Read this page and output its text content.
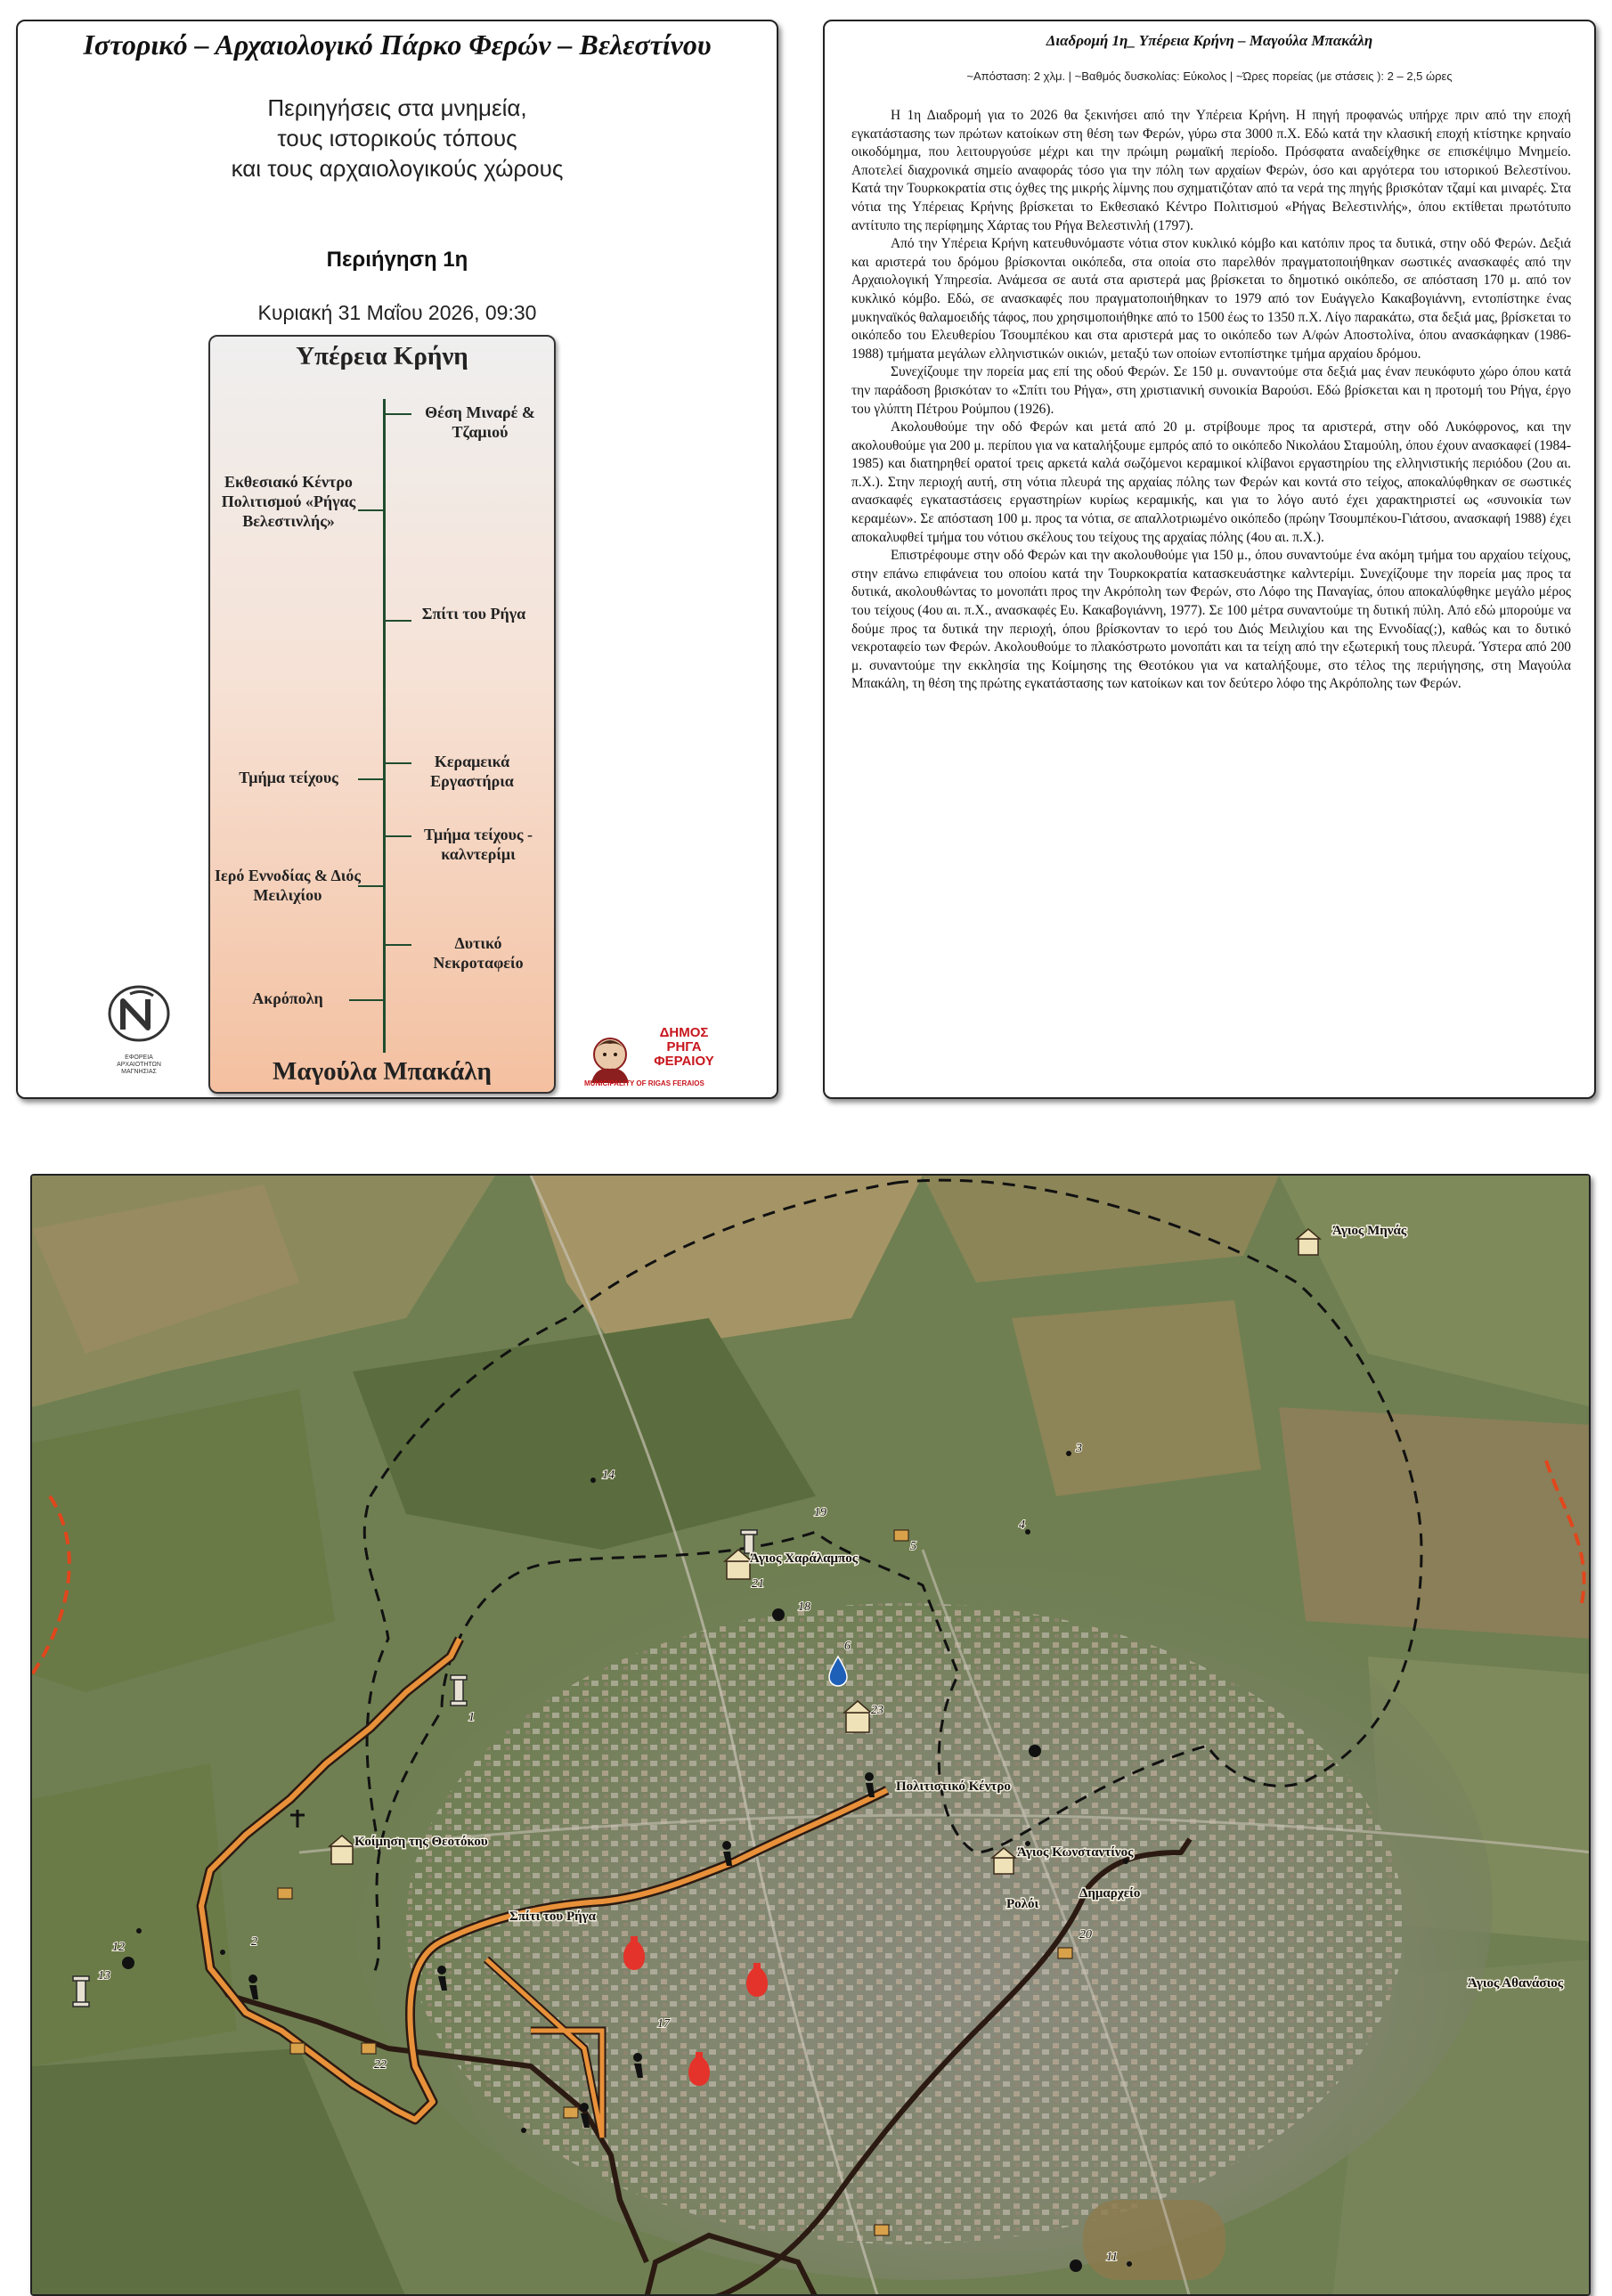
Ιστορικό – Αρχαιολογικό Πάρκο Φερών – Βελεστίνου
Περιηγήσεις στα μνημεία,
τους ιστορικούς τόπους
και τους αρχαιολογικούς χώρους
Περιήγηση 1η
Κυριακή 31 Μαΐου 2026, 09:30
Υπέρεια Κρήνη
Μαγούλα Μπακάλη
Θέση Μιναρέ & Τζαμιού
Σπίτι του Ρήγα
Κεραμεικά Εργαστήρια
Τμήμα τείχους - καλντερίμι
Δυτικό Νεκροταφείο
Εκθεσιακό Κέντρο Πολιτισμού «Ρήγας Βελεστινλής»
Τμήμα τείχους
Ιερό Εννοδίας & Διός Μειλιχίου
Ακρόπολη
ΕΦΟΡΕΙΑ ΑΡΧΑΙΟΤΗΤΩΝ ΜΑΓΝΗΣΙΑΣ
ΔΗΜΟΣ
ΡΗΓΑ
ΦΕΡΑΙΟΥ
MUNICIPALITY OF RIGAS FERAIOS
Διαδρομή 1η_ Υπέρεια Κρήνη – Μαγούλα Μπακάλη
~Απόσταση: 2 χλμ. | ~Βαθμός δυσκολίας: Εύκολος | ~Ώρες πορείας (με στάσεις ): 2 – 2,5 ώρες

Η 1η Διαδρομή για το 2026 θα ξεκινήσει από την Υπέρεια Κρήνη. Η πηγή προφανώς υπήρχε πριν από την εποχή εγκατάστασης των πρώτων κατοίκων στη θέση των Φερών, γύρω στα 3000 π.Χ. Εδώ κατά την κλασική εποχή κτίστηκε κρηναίο οικοδόμημα, που λειτουργούσε μέχρι και την πρώιμη ρωμαϊκή περίοδο. Πρόσφατα αναδείχθηκε σε επισκέψιμο Μνημείο. Αποτελεί διαχρονικά σημείο αναφοράς τόσο για την πόλη των αρχαίων Φερών, όσο και αργότερα του ιστορικού Βελεστίνου. Κατά την Τουρκοκρατία στις όχθες της μικρής λίμνης που σχηματιζόταν από τα νερά της πηγής βρισκόταν τζαμί και μιναρές. Στα νότια της Υπέρειας Κρήνης βρίσκεται το Εκθεσιακό Κέντρο Πολιτισμού «Ρήγας Βελεστινλής», όπου εκτίθεται πρωτότυπο αντίτυπο της περίφημης Χάρτας του Ρήγα Βελεστινλή (1797).

Από την Υπέρεια Κρήνη κατευθυνόμαστε νότια στον κυκλικό κόμβο και κατόπιν προς τα δυτικά, στην οδό Φερών. Δεξιά και αριστερά του δρόμου βρίσκονται οικόπεδα, στα οποία στο παρελθόν πραγματοποιήθηκαν σωστικές ανασκαφές από την Αρχαιολογική Υπηρεσία. Ανάμεσα σε αυτά στα αριστερά μας βρίσκεται το δημοτικό οικόπεδο, σε απόσταση 170 μ. από τον κυκλικό κόμβο. Εδώ, σε ανασκαφές που πραγματοποιήθηκαν το 1979 από τον Ευάγγελο Κακαβογιάννη, εντοπίστηκε ένας μυκηναϊκός θαλαμοειδής τάφος, που χρησιμοποιήθηκε από το 1500 έως το 1350 π.Χ. Λίγο παρακάτω, στα δεξιά μας, βρίσκεται το οικόπεδο του Ελευθερίου Τσουμπέκου και στα αριστερά μας το οικόπεδο των Α/φών Αποστολίνα, όπου ανασκάφηκαν (1986-1988) τμήματα μεγάλων ελληνιστικών οικιών, μεταξύ των οποίων εντοπίστηκε τμήμα αρχαίου δρόμου.

Συνεχίζουμε την πορεία μας επί της οδού Φερών. Σε 150 μ. συναντούμε στα δεξιά μας έναν πευκόφυτο χώρο όπου κατά την παράδοση βρισκόταν το «Σπίτι του Ρήγα», στη χριστιανική συνοικία Βαρούσι. Εδώ βρίσκεται και η προτομή του Ρήγα, έργο του γλύπτη Πέτρου Ρούμπου (1926).

Ακολουθούμε την οδό Φερών και μετά από 20 μ. στρίβουμε προς τα αριστερά, στην οδό Λυκόφρονος, και την ακολουθούμε για 200 μ. περίπου για να καταλήξουμε εμπρός από το οικόπεδο Νικολάου Σταμούλη, όπου έχουν ανασκαφεί (1984-1985) και διατηρηθεί ορατοί τρεις αρκετά καλά σωζόμενοι κεραμικοί κλίβανοι εργαστηρίου της ελληνιστικής περιόδου (2ου αι. π.Χ.). Στην περιοχή αυτή, στη νότια πλευρά της αρχαίας πόλης των Φερών και κοντά στο τείχος, αποκαλύφθηκαν σε σωστικές ανασκαφές εγκαταστάσεις εργαστηρίων κυρίως κεραμικής, και για το λόγο αυτό έχει χαρακτηριστεί ως «συνοικία των κεραμέων». Σε απόσταση 100 μ. προς τα νότια, σε απαλλοτριωμένο οικόπεδο (πρώην Τσουμπέκου-Γιάτσου, ανασκαφή 1988) έχει αποκαλυφθεί τμήμα του νότιου σκέλους του τείχους της αρχαίας πόλης (4ου αι. π.Χ.).

Επιστρέφουμε στην οδό Φερών και την ακολουθούμε για 150 μ., όπου συναντούμε ένα ακόμη τμήμα του αρχαίου τείχους, στην επάνω επιφάνεια του οποίου κατά την Τουρκοκρατία κατασκευάστηκε καλντερίμι. Συνεχίζουμε την πορεία μας προς τα δυτικά, ακολουθώντας το μονοπάτι προς την Ακρόπολη των Φερών, στο Λόφο της Παναγίας, όπου αποκαλύφθηκε μεγάλο μέρος του τείχους (4ου αι. π.Χ., ανασκαφές Ευ. Κακαβογιάννη, 1977). Σε 100 μέτρα συναντούμε τη δυτική πύλη. Από εδώ μπορούμε να δούμε προς τα δυτικά την περιοχή, όπου βρίσκονταν το ιερό του Διός Μειλιχίου και της Εννοδίας(;), καθώς και το δυτικό νεκροταφείο των Φερών. Ακολουθούμε το πλακόστρωτο μονοπάτι και τα τείχη από την εξωτερική τους πλευρά. Ύστερα από 200 μ. συναντούμε την εκκλησία της Κοίμησης της Θεοτόκου για να καταλήξουμε, στο τέλος της περιήγησης, στη Μαγούλα Μπακάλη, τη θέση της πρώτης εγκατάστασης των κατοίκων και τον δεύτερο λόφο της Ακρόπολης των Φερών.

Άγιος Μηνάς
Άγιος Χαράλαμπος
Πολιτιστικό Κέντρο
Κοίμηση της Θεοτόκου
Άγιος Κωνσταντίνος
Σπίτι του Ρήγα
Ρολόι
Δημαρχείο
Άγιος Αθανάσιος
1
2
3
4
5
6
11
12
13
14
17
18
19
20
21
22
23
